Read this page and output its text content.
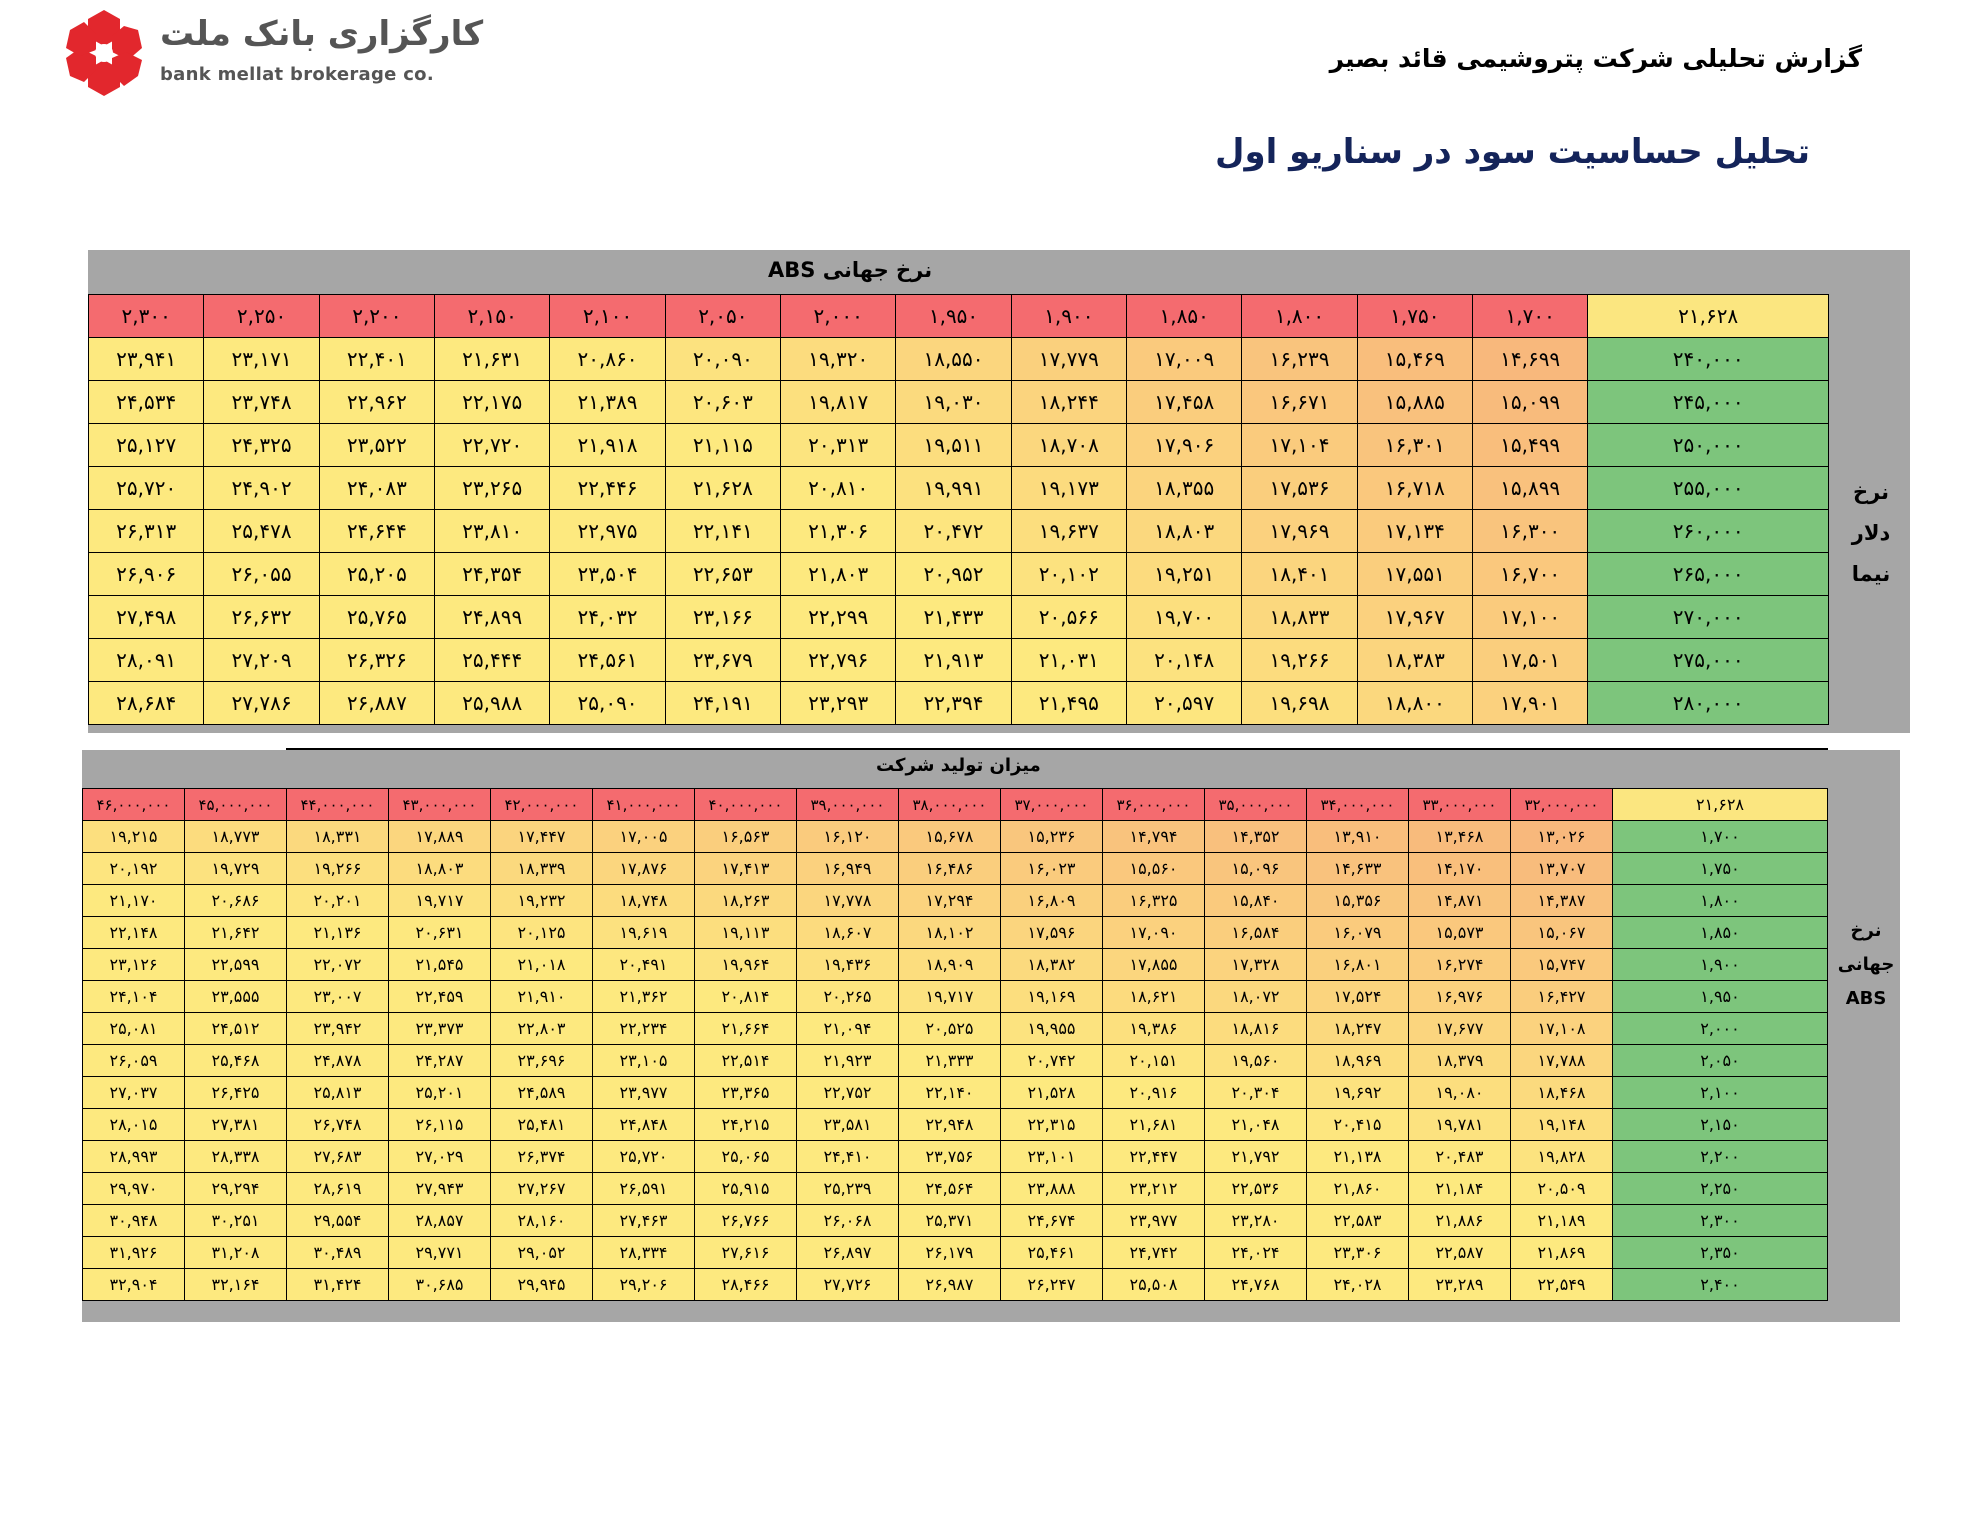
کارگزاری بانک ملت
bank mellat brokerage co.
گزارش تحلیلی شرکت پتروشیمی قائد بصیر
تحلیل حساسیت سود در سناریو اول
نرخ جهانی ABS
۲۱,۶۲۸	۱,۷۰۰	۱,۷۵۰	۱,۸۰۰	۱,۸۵۰	۱,۹۰۰	۱,۹۵۰	۲,۰۰۰	۲,۰۵۰	۲,۱۰۰	۲,۱۵۰	۲,۲۰۰	۲,۲۵۰	۲,۳۰۰
۲۴۰,۰۰۰	۱۴,۶۹۹	۱۵,۴۶۹	۱۶,۲۳۹	۱۷,۰۰۹	۱۷,۷۷۹	۱۸,۵۵۰	۱۹,۳۲۰	۲۰,۰۹۰	۲۰,۸۶۰	۲۱,۶۳۱	۲۲,۴۰۱	۲۳,۱۷۱	۲۳,۹۴۱
۲۴۵,۰۰۰	۱۵,۰۹۹	۱۵,۸۸۵	۱۶,۶۷۱	۱۷,۴۵۸	۱۸,۲۴۴	۱۹,۰۳۰	۱۹,۸۱۷	۲۰,۶۰۳	۲۱,۳۸۹	۲۲,۱۷۵	۲۲,۹۶۲	۲۳,۷۴۸	۲۴,۵۳۴
۲۵۰,۰۰۰	۱۵,۴۹۹	۱۶,۳۰۱	۱۷,۱۰۴	۱۷,۹۰۶	۱۸,۷۰۸	۱۹,۵۱۱	۲۰,۳۱۳	۲۱,۱۱۵	۲۱,۹۱۸	۲۲,۷۲۰	۲۳,۵۲۲	۲۴,۳۲۵	۲۵,۱۲۷
۲۵۵,۰۰۰	۱۵,۸۹۹	۱۶,۷۱۸	۱۷,۵۳۶	۱۸,۳۵۵	۱۹,۱۷۳	۱۹,۹۹۱	۲۰,۸۱۰	۲۱,۶۲۸	۲۲,۴۴۶	۲۳,۲۶۵	۲۴,۰۸۳	۲۴,۹۰۲	۲۵,۷۲۰
۲۶۰,۰۰۰	۱۶,۳۰۰	۱۷,۱۳۴	۱۷,۹۶۹	۱۸,۸۰۳	۱۹,۶۳۷	۲۰,۴۷۲	۲۱,۳۰۶	۲۲,۱۴۱	۲۲,۹۷۵	۲۳,۸۱۰	۲۴,۶۴۴	۲۵,۴۷۸	۲۶,۳۱۳
۲۶۵,۰۰۰	۱۶,۷۰۰	۱۷,۵۵۱	۱۸,۴۰۱	۱۹,۲۵۱	۲۰,۱۰۲	۲۰,۹۵۲	۲۱,۸۰۳	۲۲,۶۵۳	۲۳,۵۰۴	۲۴,۳۵۴	۲۵,۲۰۵	۲۶,۰۵۵	۲۶,۹۰۶
۲۷۰,۰۰۰	۱۷,۱۰۰	۱۷,۹۶۷	۱۸,۸۳۳	۱۹,۷۰۰	۲۰,۵۶۶	۲۱,۴۳۳	۲۲,۲۹۹	۲۳,۱۶۶	۲۴,۰۳۲	۲۴,۸۹۹	۲۵,۷۶۵	۲۶,۶۳۲	۲۷,۴۹۸
۲۷۵,۰۰۰	۱۷,۵۰۱	۱۸,۳۸۳	۱۹,۲۶۶	۲۰,۱۴۸	۲۱,۰۳۱	۲۱,۹۱۳	۲۲,۷۹۶	۲۳,۶۷۹	۲۴,۵۶۱	۲۵,۴۴۴	۲۶,۳۲۶	۲۷,۲۰۹	۲۸,۰۹۱
۲۸۰,۰۰۰	۱۷,۹۰۱	۱۸,۸۰۰	۱۹,۶۹۸	۲۰,۵۹۷	۲۱,۴۹۵	۲۲,۳۹۴	۲۳,۲۹۳	۲۴,۱۹۱	۲۵,۰۹۰	۲۵,۹۸۸	۲۶,۸۸۷	۲۷,۷۸۶	۲۸,۶۸۴
نرخ
دلار
نیما
میزان تولید شرکت
۲۱,۶۲۸	۳۲,۰۰۰,۰۰۰	۳۳,۰۰۰,۰۰۰	۳۴,۰۰۰,۰۰۰	۳۵,۰۰۰,۰۰۰	۳۶,۰۰۰,۰۰۰	۳۷,۰۰۰,۰۰۰	۳۸,۰۰۰,۰۰۰	۳۹,۰۰۰,۰۰۰	۴۰,۰۰۰,۰۰۰	۴۱,۰۰۰,۰۰۰	۴۲,۰۰۰,۰۰۰	۴۳,۰۰۰,۰۰۰	۴۴,۰۰۰,۰۰۰	۴۵,۰۰۰,۰۰۰	۴۶,۰۰۰,۰۰۰
۱,۷۰۰	۱۳,۰۲۶	۱۳,۴۶۸	۱۳,۹۱۰	۱۴,۳۵۲	۱۴,۷۹۴	۱۵,۲۳۶	۱۵,۶۷۸	۱۶,۱۲۰	۱۶,۵۶۳	۱۷,۰۰۵	۱۷,۴۴۷	۱۷,۸۸۹	۱۸,۳۳۱	۱۸,۷۷۳	۱۹,۲۱۵
۱,۷۵۰	۱۳,۷۰۷	۱۴,۱۷۰	۱۴,۶۳۳	۱۵,۰۹۶	۱۵,۵۶۰	۱۶,۰۲۳	۱۶,۴۸۶	۱۶,۹۴۹	۱۷,۴۱۳	۱۷,۸۷۶	۱۸,۳۳۹	۱۸,۸۰۳	۱۹,۲۶۶	۱۹,۷۲۹	۲۰,۱۹۲
۱,۸۰۰	۱۴,۳۸۷	۱۴,۸۷۱	۱۵,۳۵۶	۱۵,۸۴۰	۱۶,۳۲۵	۱۶,۸۰۹	۱۷,۲۹۴	۱۷,۷۷۸	۱۸,۲۶۳	۱۸,۷۴۸	۱۹,۲۳۲	۱۹,۷۱۷	۲۰,۲۰۱	۲۰,۶۸۶	۲۱,۱۷۰
۱,۸۵۰	۱۵,۰۶۷	۱۵,۵۷۳	۱۶,۰۷۹	۱۶,۵۸۴	۱۷,۰۹۰	۱۷,۵۹۶	۱۸,۱۰۲	۱۸,۶۰۷	۱۹,۱۱۳	۱۹,۶۱۹	۲۰,۱۲۵	۲۰,۶۳۱	۲۱,۱۳۶	۲۱,۶۴۲	۲۲,۱۴۸
۱,۹۰۰	۱۵,۷۴۷	۱۶,۲۷۴	۱۶,۸۰۱	۱۷,۳۲۸	۱۷,۸۵۵	۱۸,۳۸۲	۱۸,۹۰۹	۱۹,۴۳۶	۱۹,۹۶۴	۲۰,۴۹۱	۲۱,۰۱۸	۲۱,۵۴۵	۲۲,۰۷۲	۲۲,۵۹۹	۲۳,۱۲۶
۱,۹۵۰	۱۶,۴۲۷	۱۶,۹۷۶	۱۷,۵۲۴	۱۸,۰۷۲	۱۸,۶۲۱	۱۹,۱۶۹	۱۹,۷۱۷	۲۰,۲۶۵	۲۰,۸۱۴	۲۱,۳۶۲	۲۱,۹۱۰	۲۲,۴۵۹	۲۳,۰۰۷	۲۳,۵۵۵	۲۴,۱۰۴
۲,۰۰۰	۱۷,۱۰۸	۱۷,۶۷۷	۱۸,۲۴۷	۱۸,۸۱۶	۱۹,۳۸۶	۱۹,۹۵۵	۲۰,۵۲۵	۲۱,۰۹۴	۲۱,۶۶۴	۲۲,۲۳۴	۲۲,۸۰۳	۲۳,۳۷۳	۲۳,۹۴۲	۲۴,۵۱۲	۲۵,۰۸۱
۲,۰۵۰	۱۷,۷۸۸	۱۸,۳۷۹	۱۸,۹۶۹	۱۹,۵۶۰	۲۰,۱۵۱	۲۰,۷۴۲	۲۱,۳۳۳	۲۱,۹۲۳	۲۲,۵۱۴	۲۳,۱۰۵	۲۳,۶۹۶	۲۴,۲۸۷	۲۴,۸۷۸	۲۵,۴۶۸	۲۶,۰۵۹
۲,۱۰۰	۱۸,۴۶۸	۱۹,۰۸۰	۱۹,۶۹۲	۲۰,۳۰۴	۲۰,۹۱۶	۲۱,۵۲۸	۲۲,۱۴۰	۲۲,۷۵۲	۲۳,۳۶۵	۲۳,۹۷۷	۲۴,۵۸۹	۲۵,۲۰۱	۲۵,۸۱۳	۲۶,۴۲۵	۲۷,۰۳۷
۲,۱۵۰	۱۹,۱۴۸	۱۹,۷۸۱	۲۰,۴۱۵	۲۱,۰۴۸	۲۱,۶۸۱	۲۲,۳۱۵	۲۲,۹۴۸	۲۳,۵۸۱	۲۴,۲۱۵	۲۴,۸۴۸	۲۵,۴۸۱	۲۶,۱۱۵	۲۶,۷۴۸	۲۷,۳۸۱	۲۸,۰۱۵
۲,۲۰۰	۱۹,۸۲۸	۲۰,۴۸۳	۲۱,۱۳۸	۲۱,۷۹۲	۲۲,۴۴۷	۲۳,۱۰۱	۲۳,۷۵۶	۲۴,۴۱۰	۲۵,۰۶۵	۲۵,۷۲۰	۲۶,۳۷۴	۲۷,۰۲۹	۲۷,۶۸۳	۲۸,۳۳۸	۲۸,۹۹۳
۲,۲۵۰	۲۰,۵۰۹	۲۱,۱۸۴	۲۱,۸۶۰	۲۲,۵۳۶	۲۳,۲۱۲	۲۳,۸۸۸	۲۴,۵۶۴	۲۵,۲۳۹	۲۵,۹۱۵	۲۶,۵۹۱	۲۷,۲۶۷	۲۷,۹۴۳	۲۸,۶۱۹	۲۹,۲۹۴	۲۹,۹۷۰
۲,۳۰۰	۲۱,۱۸۹	۲۱,۸۸۶	۲۲,۵۸۳	۲۳,۲۸۰	۲۳,۹۷۷	۲۴,۶۷۴	۲۵,۳۷۱	۲۶,۰۶۸	۲۶,۷۶۶	۲۷,۴۶۳	۲۸,۱۶۰	۲۸,۸۵۷	۲۹,۵۵۴	۳۰,۲۵۱	۳۰,۹۴۸
۲,۳۵۰	۲۱,۸۶۹	۲۲,۵۸۷	۲۳,۳۰۶	۲۴,۰۲۴	۲۴,۷۴۲	۲۵,۴۶۱	۲۶,۱۷۹	۲۶,۸۹۷	۲۷,۶۱۶	۲۸,۳۳۴	۲۹,۰۵۲	۲۹,۷۷۱	۳۰,۴۸۹	۳۱,۲۰۸	۳۱,۹۲۶
۲,۴۰۰	۲۲,۵۴۹	۲۳,۲۸۹	۲۴,۰۲۸	۲۴,۷۶۸	۲۵,۵۰۸	۲۶,۲۴۷	۲۶,۹۸۷	۲۷,۷۲۶	۲۸,۴۶۶	۲۹,۲۰۶	۲۹,۹۴۵	۳۰,۶۸۵	۳۱,۴۲۴	۳۲,۱۶۴	۳۲,۹۰۴
نرخ
جهانی
ABS
